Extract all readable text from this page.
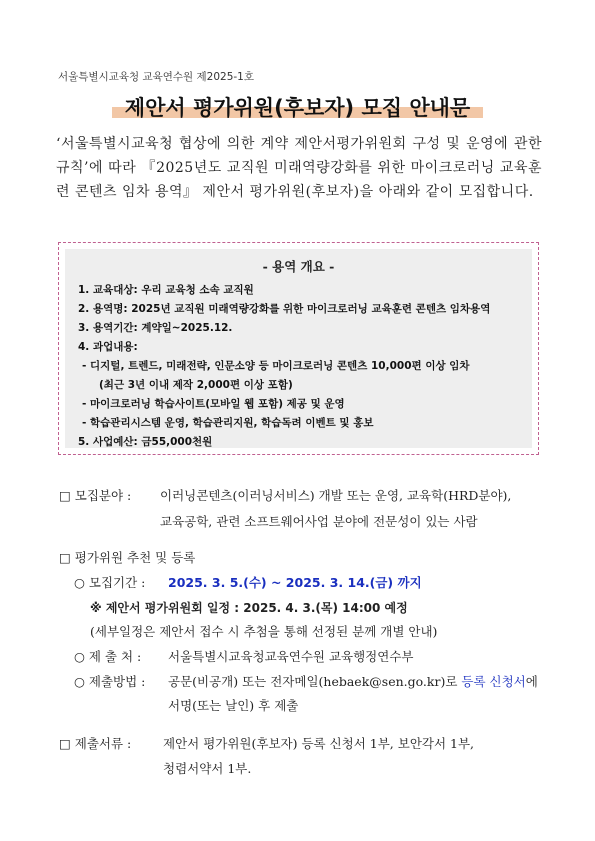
서울특별시교육청 교육연수원 제2025-1호
제안서 평가위원(후보자) 모집 안내문
‘서울특별시교육청 협상에 의한 계약 제안서평가위원회 구성 및 운영에 관한 규칙’에 따라 『2025년도 교직원 미래역량강화를 위한 마이크로러닝 교육훈련 콘텐츠 임차 용역』 제안서 평가위원(후보자)을 아래와 같이 모집합니다.
- 용역 개요 -
1. 교육대상: 우리 교육청 소속 교직원
2. 용역명: 2025년 교직원 미래역량강화를 위한 마이크로러닝 교육훈련 콘텐츠 임차용역
3. 용역기간: 계약일~2025.12.
4. 과업내용:
- 디지털, 트렌드, 미래전략, 인문소양 등 마이크로러닝 콘텐츠 10,000편 이상 임차
(최근 3년 이내 제작 2,000편 이상 포함)
- 마이크로러닝 학습사이트(모바일 웹 포함) 제공 및 운영
- 학습관리시스템 운영, 학습관리지원, 학습독려 이벤트 및 홍보
5. 사업예산: 금55,000천원
□ 모집분야 : 이러닝콘텐츠(이러닝서비스) 개발 또는 운영, 교육학(HRD분야),
교육공학, 관련 소프트웨어사업 분야에 전문성이 있는 사람
□ 평가위원 추천 및 등록
○ 모집기간 : 2025. 3. 5.(수) ~ 2025. 3. 14.(금) 까지
※ 제안서 평가위원회 일정 : 2025. 4. 3.(목) 14:00 예정
(세부일정은 제안서 접수 시 추첨을 통해 선정된 분께 개별 안내)
○ 제 출 처 : 서울특별시교육청교육연수원 교육행정연수부
○ 제출방법 : 공문(비공개) 또는 전자메일(hebaek@sen.go.kr)로 등록 신청서에
서명(또는 날인) 후 제출
□ 제출서류 :	제안서 평가위원(후보자) 등록 신청서 1부, 보안각서 1부,
청렴서약서 1부.
